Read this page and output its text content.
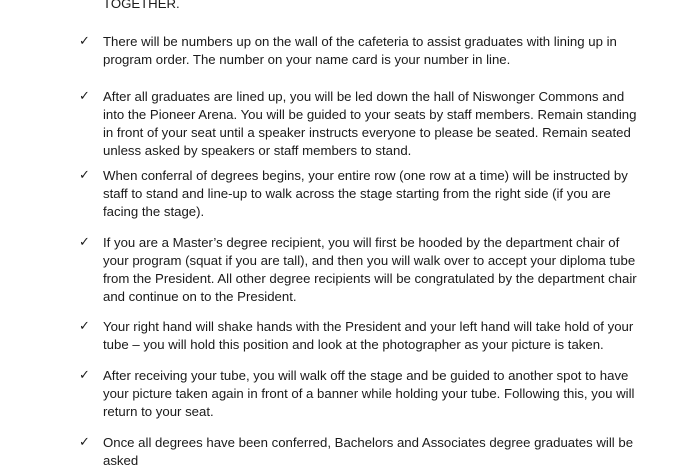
TOGETHER.

✓ There will be numbers up on the wall of the cafeteria to assist graduates with lining up in program order. The number on your name card is your number in line.

✓ After all graduates are lined up, you will be led down the hall of Niswonger Commons and into the Pioneer Arena. You will be guided to your seats by staff members. Remain standing in front of your seat until a speaker instructs everyone to please be seated. Remain seated unless asked by speakers or staff members to stand.

✓ When conferral of degrees begins, your entire row (one row at a time) will be instructed by staff to stand and line-up to walk across the stage starting from the right side (if you are facing the stage).

✓ If you are a Master’s degree recipient, you will first be hooded by the department chair of your program (squat if you are tall), and then you will walk over to accept your diploma tube from the President. All other degree recipients will be congratulated by the department chair and continue on to the President.

✓ Your right hand will shake hands with the President and your left hand will take hold of your tube – you will hold this position and look at the photographer as your picture is taken.

✓ After receiving your tube, you will walk off the stage and be guided to another spot to have your picture taken again in front of a banner while holding your tube. Following this, you will return to your seat.

✓ Once all degrees have been conferred, Bachelors and Associates degree graduates will be asked
